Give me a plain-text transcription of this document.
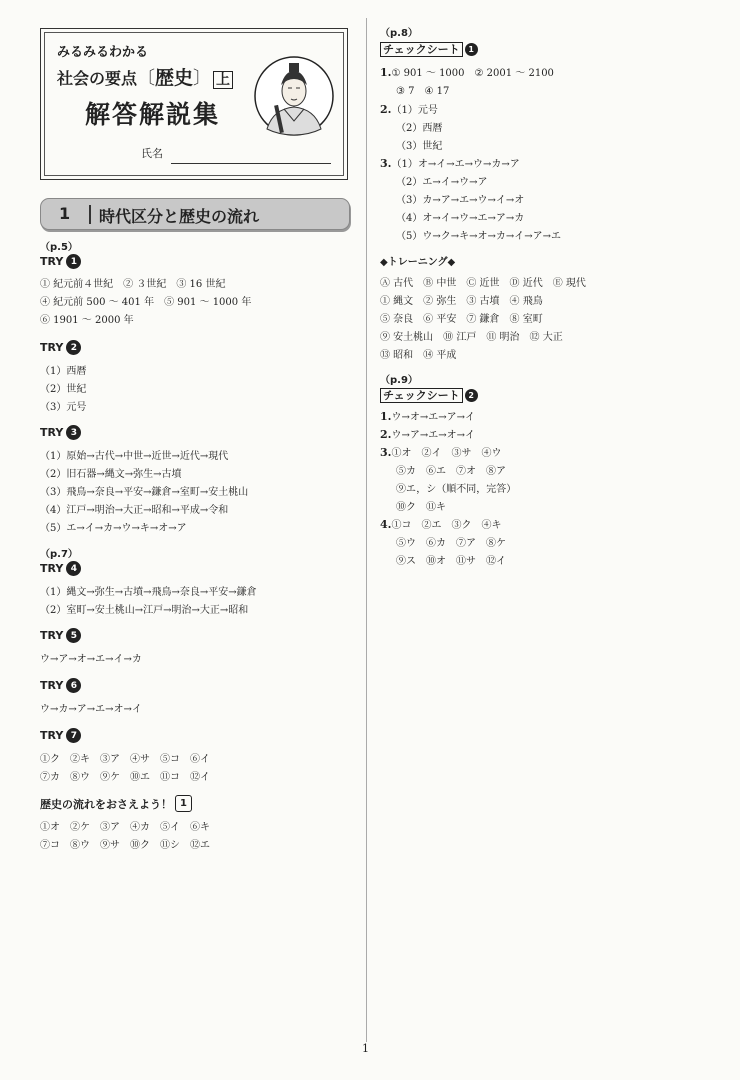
みるみるわかる
社会の要点〔歴史〕 上
解答解説集
氏名
1 時代区分と歴史の流れ
（p.5）
TRY 1
① 紀元前４世紀　② ３世紀　③ 16 世紀
④ 紀元前 500 ～ 401 年　⑤ 901 ～ 1000 年
⑥ 1901 ～ 2000 年
TRY 2
（1）西暦
（2）世紀
（3）元号
TRY 3
（1）原始→古代→中世→近世→近代→現代
（2）旧石器→縄文→弥生→古墳
（3）飛鳥→奈良→平安→鎌倉→室町→安土桃山
（4）江戸→明治→大正→昭和→平成→令和
（5）エ→イ→カ→ウ→キ→オ→ア
（p.7）
TRY 4
（1）縄文→弥生→古墳→飛鳥→奈良→平安→鎌倉
（2）室町→安土桃山→江戸→明治→大正→昭和
TRY 5
ウ→ア→オ→エ→イ→カ
TRY 6
ウ→カ→ア→エ→オ→イ
TRY 7
①ク　②キ　③ア　④サ　⑤コ　⑥イ
⑦カ　⑧ウ　⑨ケ　⑩エ　⑪コ　⑫イ
歴史の流れをおさえよう！ 1
①オ　②ケ　③ア　④カ　⑤イ　⑥キ
⑦コ　⑧ウ　⑨サ　⑩ク　⑪シ　⑫エ
（p.8）
チェックシート	1
1.① 901 ～ 1000　② 2001 ～ 2100
③ 7　④ 17
2.（1）元号
（2）西暦
（3）世紀
3.（1）オ→イ→エ→ウ→カ→ア
（2）エ→イ→ウ→ア
（3）カ→ア→エ→ウ→イ→オ
（4）オ→イ→ウ→エ→ア→カ
（5）ウ→ク→キ→オ→カ→イ→ア→エ
◆トレーニング◆
Ⓐ 古代　Ⓑ 中世　Ⓒ 近世　Ⓓ 近代　Ⓔ 現代
① 縄文　② 弥生　③ 古墳　④ 飛鳥
⑤ 奈良　⑥ 平安　⑦ 鎌倉　⑧ 室町
⑨ 安土桃山　⑩ 江戸　⑪ 明治　⑫ 大正
⑬ 昭和　⑭ 平成
（p.9）
チェックシート	2
1.ウ→オ→エ→ア→イ
2.ウ→ア→エ→オ→イ
3.①オ　②イ　③サ　④ウ
⑤カ　⑥エ　⑦オ　⑧ア
⑨エ，シ（順不同，完答）
⑩ク　⑪キ
4.①コ　②エ　③ク　④キ
⑤ウ　⑥カ　⑦ア　⑧ケ
⑨ス　⑩オ　⑪サ　⑫イ
1
